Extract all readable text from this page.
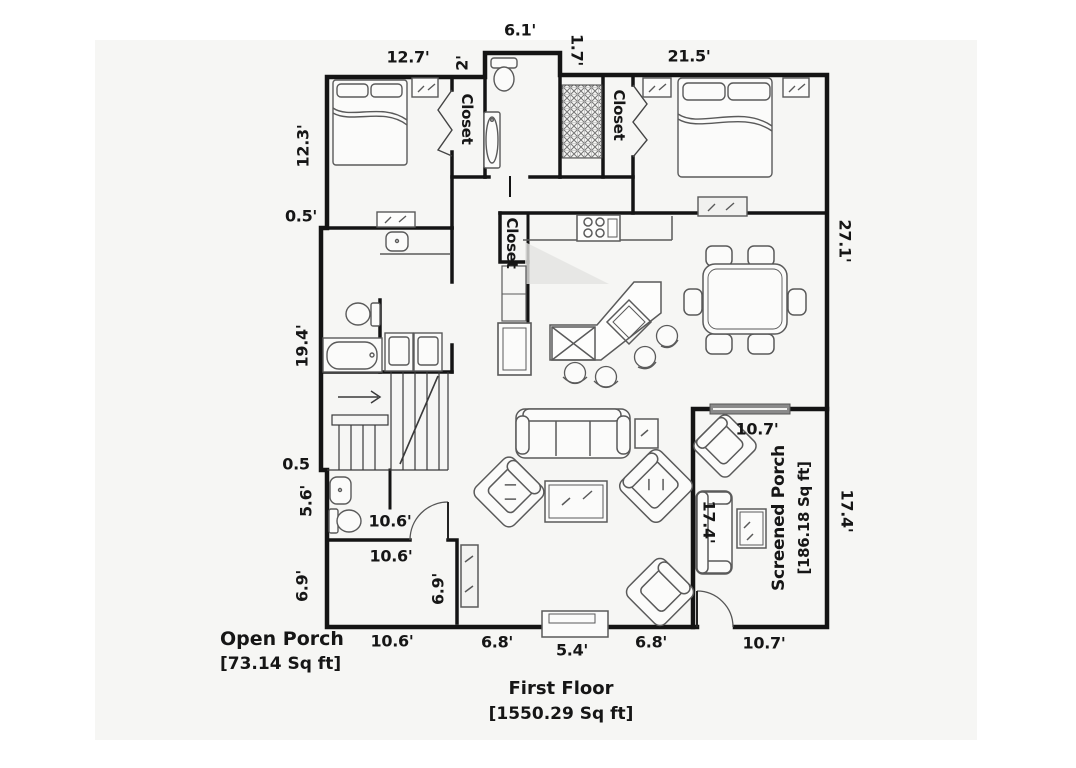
12.7' 2'
6.1'
1.7'	21.5'
12.3'
0.5'
19.4'
0.5
5.6'
6.9'
27.1'
17.4'
10.6'
10.6'
6.9'
10.6'	6.8'	5.4'	6.8'	10.7'
10.7'
17.4'
Closet	Closet
Closet
Screened Porch [186.18 Sq ft]
Open Porch
[73.14 Sq ft]
First Floor
[1550.29 Sq ft]
